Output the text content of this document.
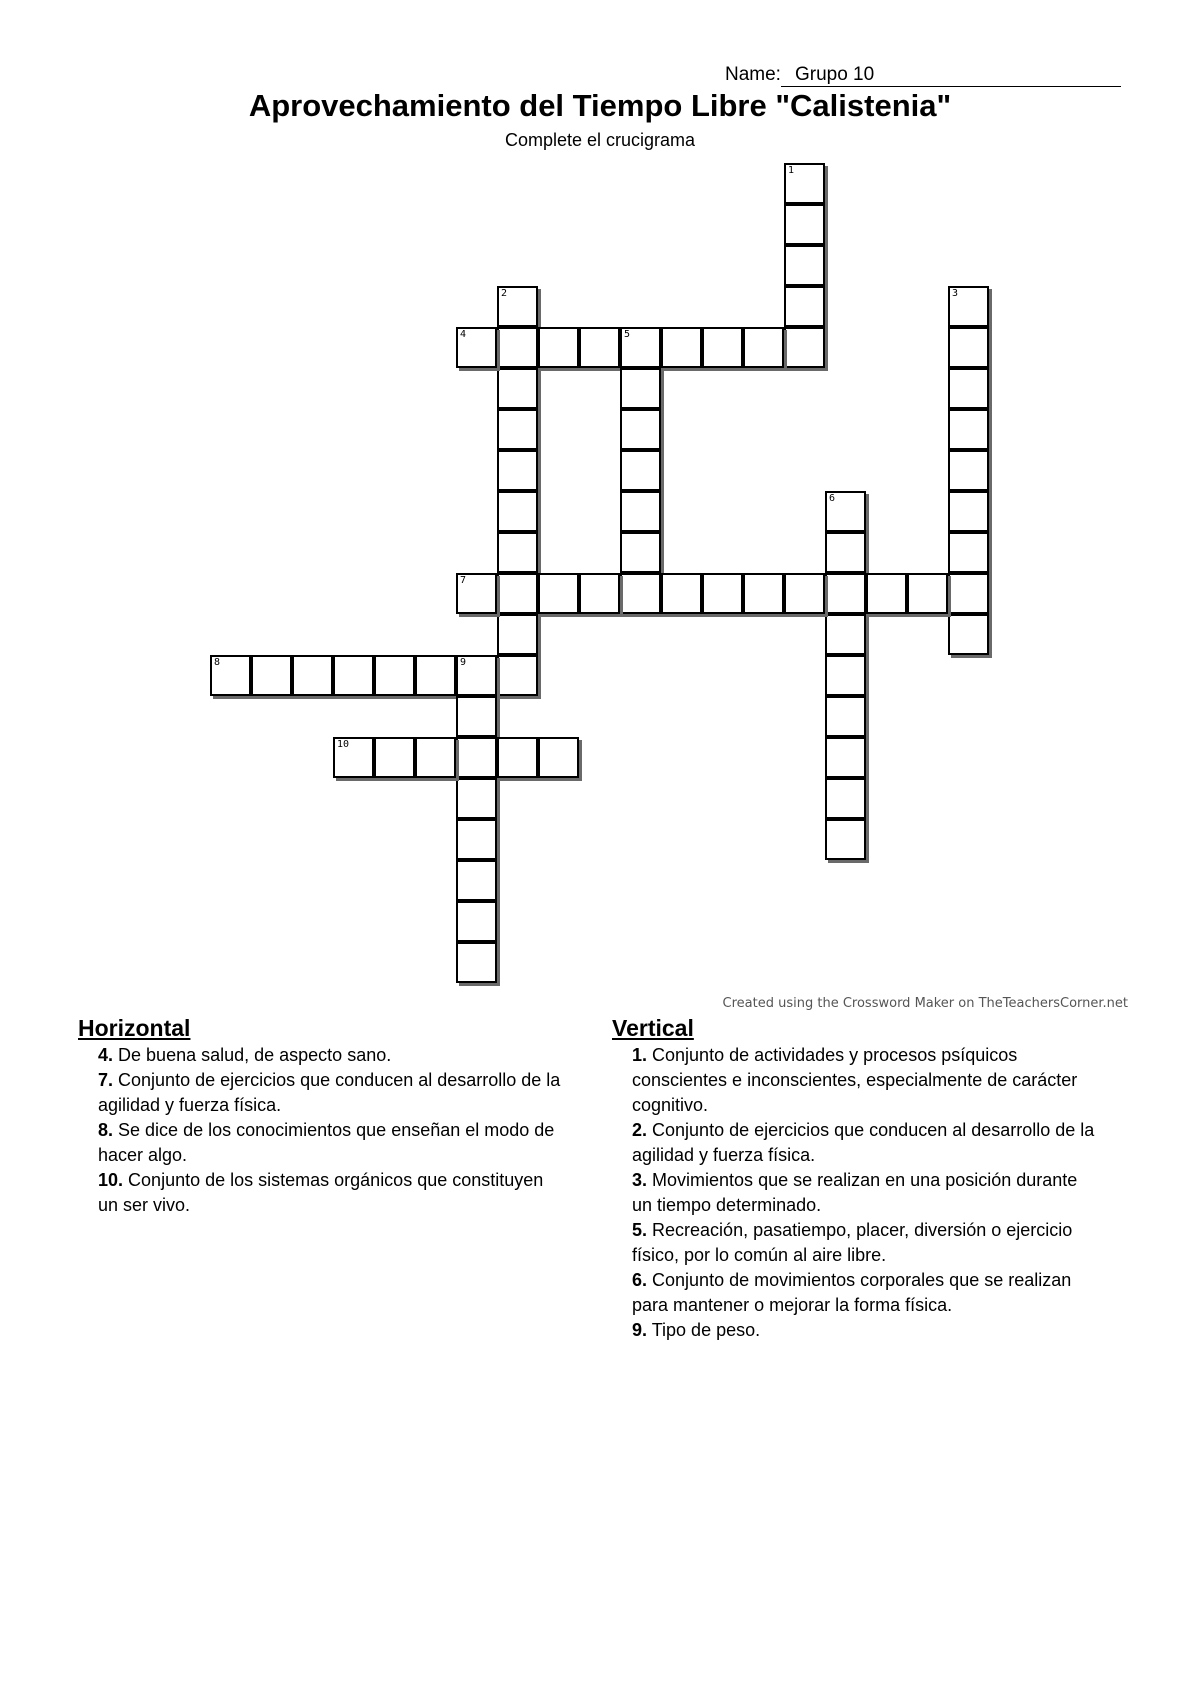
Name: Grupo 10
Aprovechamiento del Tiempo Libre "Calistenia"
Complete el crucigrama
1
2	3
4	5
6
7
8	9
10
Created using the Crossword Maker on TheTeachersCorner.net
Horizontal
4. De buena salud, de aspecto sano.
7. Conjunto de ejercicios que conducen al desarrollo de la agilidad y fuerza física.
8. Se dice de los conocimientos que enseñan el modo de hacer algo.
10. Conjunto de los sistemas orgánicos que constituyen un ser vivo.
Vertical
1. Conjunto de actividades y procesos psíquicos conscientes e inconscientes, especialmente de carácter cognitivo.
2. Conjunto de ejercicios que conducen al desarrollo de la agilidad y fuerza física.
3. Movimientos que se realizan en una posición durante un tiempo determinado.
5. Recreación, pasatiempo, placer, diversión o ejercicio físico, por lo común al aire libre.
6. Conjunto de movimientos corporales que se realizan para mantener o mejorar la forma física.
9. Tipo de peso.
